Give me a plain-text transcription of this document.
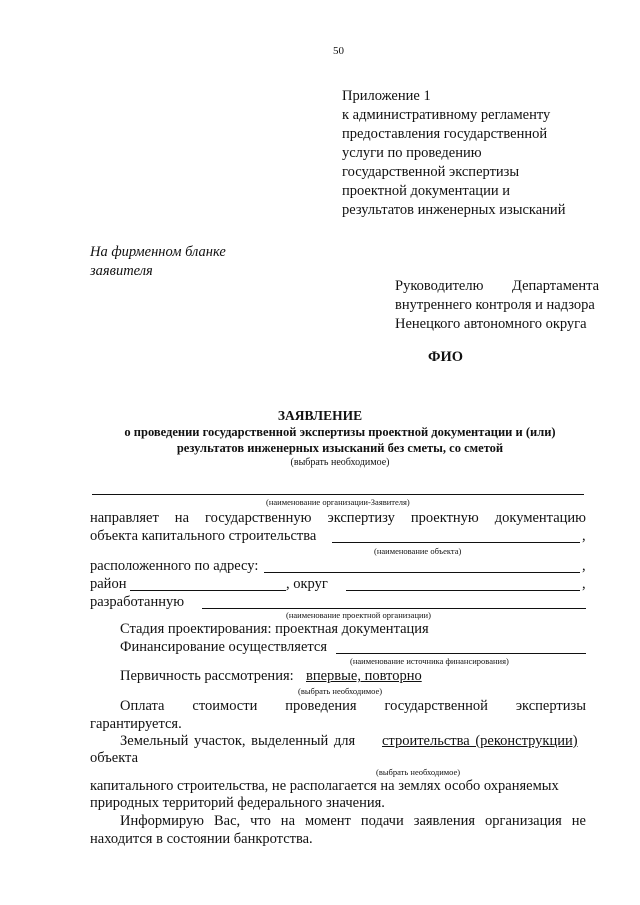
50
Приложение 1
к административному регламенту
предоставления государственной
услуги по проведению
государственной экспертизы
проектной документации и
результатов инженерных изысканий
На фирменном бланке
заявителя
Руководителю Департамента
внутреннего контроля и надзора
Ненецкого автономного округа
ФИО
ЗАЯВЛЕНИЕ
о проведении государственной экспертизы проектной документации и (или)
результатов инженерных изысканий без сметы, со сметой
(выбрать необходимое)
(наименование организации-Заявителя)
направляет на государственную экспертизу проектную документацию
объекта капитального строительства	,
(наименование объекта)
расположенного по адресу:	,
район	, округ	,
разработанную
(наименование проектной организации)
Стадия проектирования: проектная документация
Финансирование осуществляется
(наименование источника финансирования)
Первичность рассмотрения: впервые, повторно
(выбрать необходимое)
Оплата стоимости проведения государственной экспертизы
гарантируется.
Земельный участок, выделенный для строительства (реконструкции)
объекта
(выбрать необходимое)
капитального строительства, не располагается на землях особо охраняемых
природных территорий федерального значения.
Информирую Вас, что на момент подачи заявления организация не
находится в состоянии банкротства.
